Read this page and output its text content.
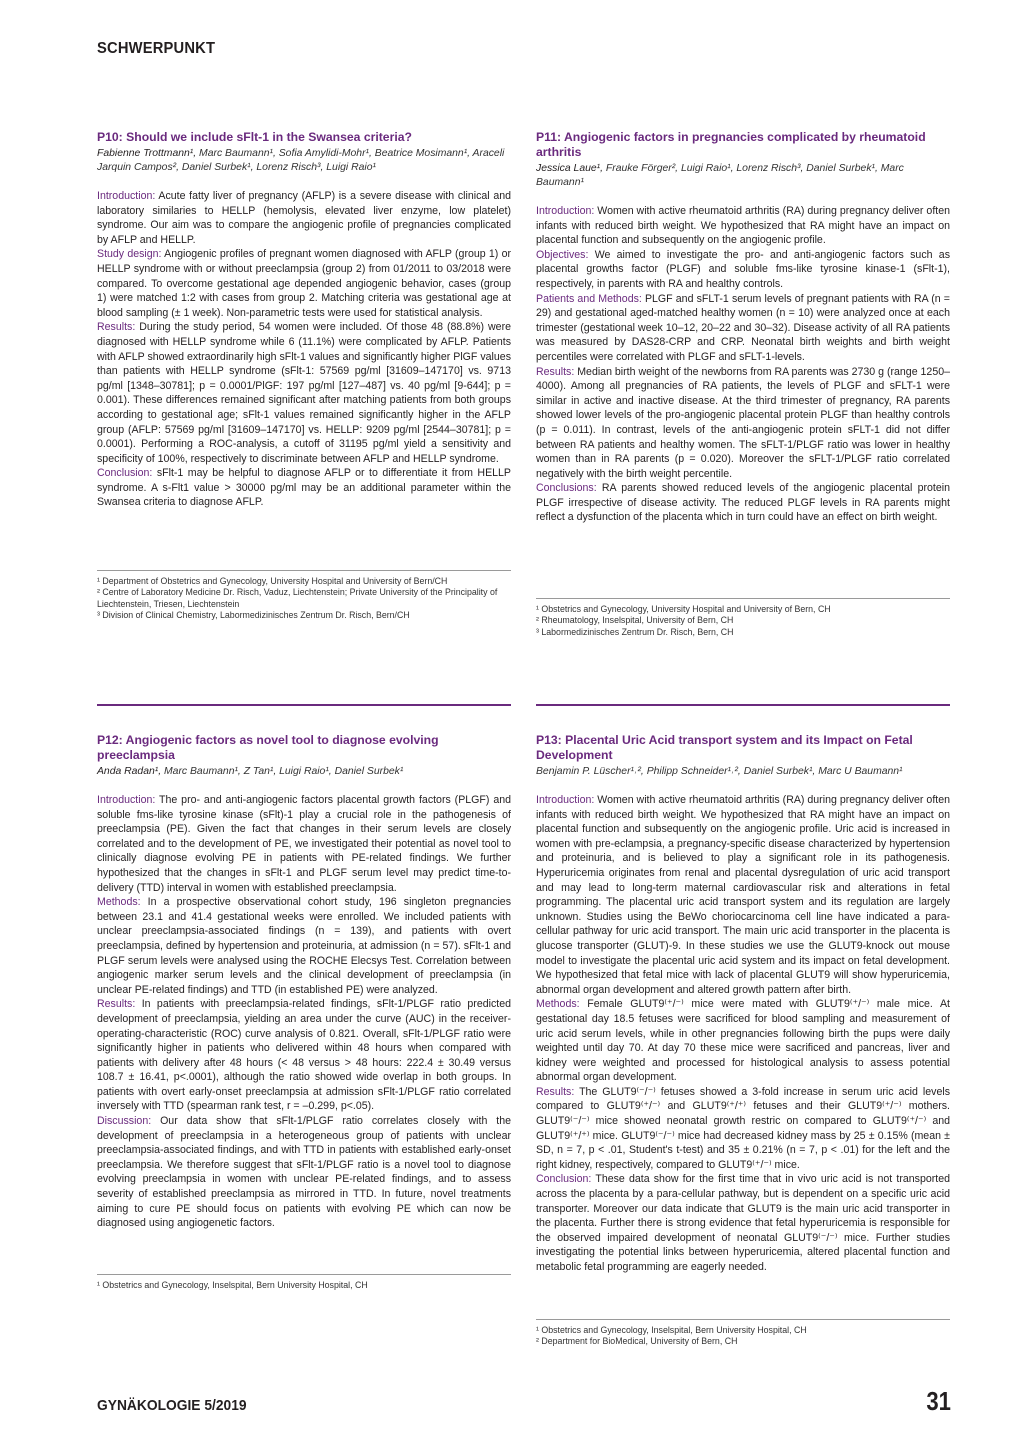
SCHWERPUNKT
P10: Should we include sFlt-1 in the Swansea criteria?
Fabienne Trottmann¹, Marc Baumann¹, Sofia Amylidi-Mohr¹, Beatrice Mosimann¹, Araceli Jarquin Campos², Daniel Surbek¹, Lorenz Risch³, Luigi Raio¹

Introduction: Acute fatty liver of pregnancy (AFLP) is a severe disease with clinical and laboratory similaries to HELLP (hemolysis, elevated liver enzyme, low platelet) syndrome. Our aim was to compare the angiogenic profile of pregnancies complicated by AFLP and HELLP.

Study design: Angiogenic profiles of pregnant women diagnosed with AFLP (group 1) or HELLP syndrome with or without preeclampsia (group 2) from 01/2011 to 03/2018 were compared. To overcome gestational age depended angiogenic behavior, cases (group 1) were matched 1:2 with cases from group 2. Matching criteria was gestational age at blood sampling (± 1 week). Non-parametric tests were used for statistical analysis.

Results: During the study period, 54 women were included. Of those 48 (88.8%) were diagnosed with HELLP syndrome while 6 (11.1%) were complicated by AFLP. Patients with AFLP showed extraordinarily high sFlt-1 values and significantly higher PlGF values than patients with HELLP syndrome (sFlt-1: 57569 pg/ml [31609–147170] vs. 9713 pg/ml [1348–30781]; p = 0.0001/PlGF: 197 pg/ml [127–487] vs. 40 pg/ml [9-644]; p = 0.001). These differences remained significant after matching patients from both groups according to gestational age; sFlt-1 values remained significantly higher in the AFLP group (AFLP: 57569 pg/ml [31609–147170] vs. HELLP: 9209 pg/ml [2544–30781]; p = 0.0001). Performing a ROC-analysis, a cutoff of 31195 pg/ml yield a sensitivity and specificity of 100%, respectively to discriminate between AFLP and HELLP syndrome.

Conclusion: sFlt-1 may be helpful to diagnose AFLP or to differentiate it from HELLP syndrome. A s-Flt1 value > 30000 pg/ml may be an additional parameter within the Swansea criteria to diagnose AFLP.

¹ Department of Obstetrics and Gynecology, University Hospital and University of Bern/CH

² Centre of Laboratory Medicine Dr. Risch, Vaduz, Liechtenstein; Private University of the Principality of Liechtenstein, Triesen, Liechtenstein

³ Division of Clinical Chemistry, Labormedizinisches Zentrum Dr. Risch, Bern/CH

P11: Angiogenic factors in pregnancies complicated by rheumatoid arthritis
Jessica Laue¹, Frauke Förger², Luigi Raio¹, Lorenz Risch³, Daniel Surbek¹, Marc Baumann¹

Introduction: Women with active rheumatoid arthritis (RA) during pregnancy deliver often infants with reduced birth weight. We hypothesized that RA might have an impact on placental function and subsequently on the angiogenic profile.

Objectives: We aimed to investigate the pro- and anti-angiogenic factors such as placental growths factor (PLGF) and soluble fms-like tyrosine kinase-1 (sFlt-1), respectively, in parents with RA and healthy controls.

Patients and Methods: PLGF and sFLT-1 serum levels of pregnant patients with RA (n = 29) and gestational aged-matched healthy women (n = 10) were analyzed once at each trimester (gestational week 10–12, 20–22 and 30–32). Disease activity of all RA patients was measured by DAS28-CRP and CRP. Neonatal birth weights and birth weight percentiles were correlated with PLGF and sFLT-1-levels.

Results: Median birth weight of the newborns from RA parents was 2730 g (range 1250–4000). Among all pregnancies of RA patients, the levels of PLGF and sFLT-1 were similar in active and inactive disease. At the third trimester of pregnancy, RA parents showed lower levels of the pro-angiogenic placental protein PLGF than healthy controls (p = 0.011). In contrast, levels of the anti-angiogenic protein sFLT-1 did not differ between RA patients and healthy women. The sFLT-1/PLGF ratio was lower in healthy women than in RA parents (p = 0.020). Moreover the sFLT-1/PLGF ratio correlated negatively with the birth weight percentile.

Conclusions: RA parents showed reduced levels of the angiogenic placental protein PLGF irrespective of disease activity. The reduced PLGF levels in RA parents might reflect a dysfunction of the placenta which in turn could have an effect on birth weight.

¹ Obstetrics and Gynecology, University Hospital and University of Bern, CH

² Rheumatology, Inselspital, University of Bern, CH

³ Labormedizinisches Zentrum Dr. Risch, Bern, CH

P12: Angiogenic factors as novel tool to diagnose evolving preeclampsia
Anda Radan¹, Marc Baumann¹, Z Tan¹, Luigi Raio¹, Daniel Surbek¹

Introduction: The pro- and anti-angiogenic factors placental growth factors (PLGF) and soluble fms-like tyrosine kinase (sFlt)-1 play a crucial role in the pathogenesis of preeclampsia (PE). Given the fact that changes in their serum levels are closely correlated and to the development of PE, we investigated their potential as novel tool to clinically diagnose evolving PE in patients with PE-related findings. We further hypothesized that the changes in sFlt-1 and PLGF serum level may predict time-to-delivery (TTD) interval in women with established preeclampsia.

Methods: In a prospective observational cohort study, 196 singleton pregnancies between 23.1 and 41.4 gestational weeks were enrolled. We included patients with unclear preeclampsia-associated findings (n = 139), and patients with overt preeclampsia, defined by hypertension and proteinuria, at admission (n = 57). sFlt-1 and PLGF serum levels were analysed using the ROCHE Elecsys Test. Correlation between angiogenic marker serum levels and the clinical development of preeclampsia (in unclear PE-related findings) and TTD (in established PE) were analyzed.

Results: In patients with preeclampsia-related findings, sFlt-1/PLGF ratio predicted development of preeclampsia, yielding an area under the curve (AUC) in the receiver-operating-characteristic (ROC) curve analysis of 0.821. Overall, sFlt-1/PLGF ratio were significantly higher in patients who delivered within 48 hours when compared with patients with delivery after 48 hours (< 48 versus > 48 hours: 222.4 ± 30.49 versus 108.7 ± 16.41, p<.0001), although the ratio showed wide overlap in both groups. In patients with overt early-onset preeclampsia at admission sFlt-1/PLGF ratio correlated inversely with TTD (spearman rank test, r = –0.299, p<.05).

Discussion: Our data show that sFlt-1/PLGF ratio correlates closely with the development of preeclampsia in a heterogeneous group of patients with unclear preeclampsia-associated findings, and with TTD in patients with established early-onset preeclampsia. We therefore suggest that sFlt-1/PLGF ratio is a novel tool to diagnose evolving preeclampsia in women with unclear PE-related findings, and to assess severity of established preeclampsia as mirrored in TTD. In future, novel treatments aiming to cure PE should focus on patients with evolving PE which can now be diagnosed using angiogenetic factors.

¹ Obstetrics and Gynecology, Inselspital, Bern University Hospital, CH

P13: Placental Uric Acid transport system and its Impact on Fetal Development
Benjamin P. Lüscher¹˒², Philipp Schneider¹˒², Daniel Surbek¹, Marc U Baumann¹

Introduction: Women with active rheumatoid arthritis (RA) during pregnancy deliver often infants with reduced birth weight. We hypothesized that RA might have an impact on placental function and subsequently on the angiogenic profile. Uric acid is increased in women with pre-eclampsia, a pregnancy-specific disease characterized by hypertension and proteinuria, and is believed to play a significant role in its pathogenesis. Hyperuricemia originates from renal and placental dysregulation of uric acid transport and may lead to long-term maternal cardiovascular risk and alterations in fetal programming. The placental uric acid transport system and its regulation are largely unknown. Studies using the BeWo choriocarcinoma cell line have indicated a para-cellular pathway for uric acid transport. The main uric acid transporter in the placenta is glucose transporter (GLUT)-9. In these studies we use the GLUT9-knock out mouse model to investigate the placental uric acid system and its impact on fetal development. We hypothesized that fetal mice with lack of placental GLUT9 will show hyperuricemia, abnormal organ development and altered growth pattern after birth.

Methods: Female GLUT9⁽⁺/⁻⁾ mice were mated with GLUT9⁽⁺/⁻⁾ male mice. At gestational day 18.5 fetuses were sacrificed for blood sampling and measurement of uric acid serum levels, while in other pregnancies following birth the pups were daily weighted until day 70. At day 70 these mice were sacrificed and pancreas, liver and kidney were weighted and processed for histological analysis to assess potential abnormal organ development.

Results: The GLUT9⁽⁻/⁻⁾ fetuses showed a 3-fold increase in serum uric acid levels compared to GLUT9⁽⁺/⁻⁾ and GLUT9⁽⁺/⁺⁾ fetuses and their GLUT9⁽⁺/⁻⁾ mothers. GLUT9⁽⁻/⁻⁾ mice showed neonatal growth restric on compared to GLUT9⁽⁺/⁻⁾ and GLUT9⁽⁺/⁺⁾ mice. GLUT9⁽⁻/⁻⁾ mice had decreased kidney mass by 25 ± 0.15% (mean ± SD, n = 7, p < .01, Student's t-test) and 35 ± 0.21% (n = 7, p < .01) for the left and the right kidney, respectively, compared to GLUT9⁽⁺/⁻⁾ mice.

Conclusion: These data show for the first time that in vivo uric acid is not transported across the placenta by a para-cellular pathway, but is dependent on a specific uric acid transporter. Moreover our data indicate that GLUT9 is the main uric acid transporter in the placenta. Further there is strong evidence that fetal hyperuricemia is responsible for the observed impaired development of neonatal GLUT9⁽⁻/⁻⁾ mice. Further studies investigating the potential links between hyperuricemia, altered placental function and metabolic fetal programming are eagerly needed.

¹ Obstetrics and Gynecology, Inselspital, Bern University Hospital, CH

² Department for BioMedical, University of Bern, CH

GYNÄKOLOGIE 5/2019	31
